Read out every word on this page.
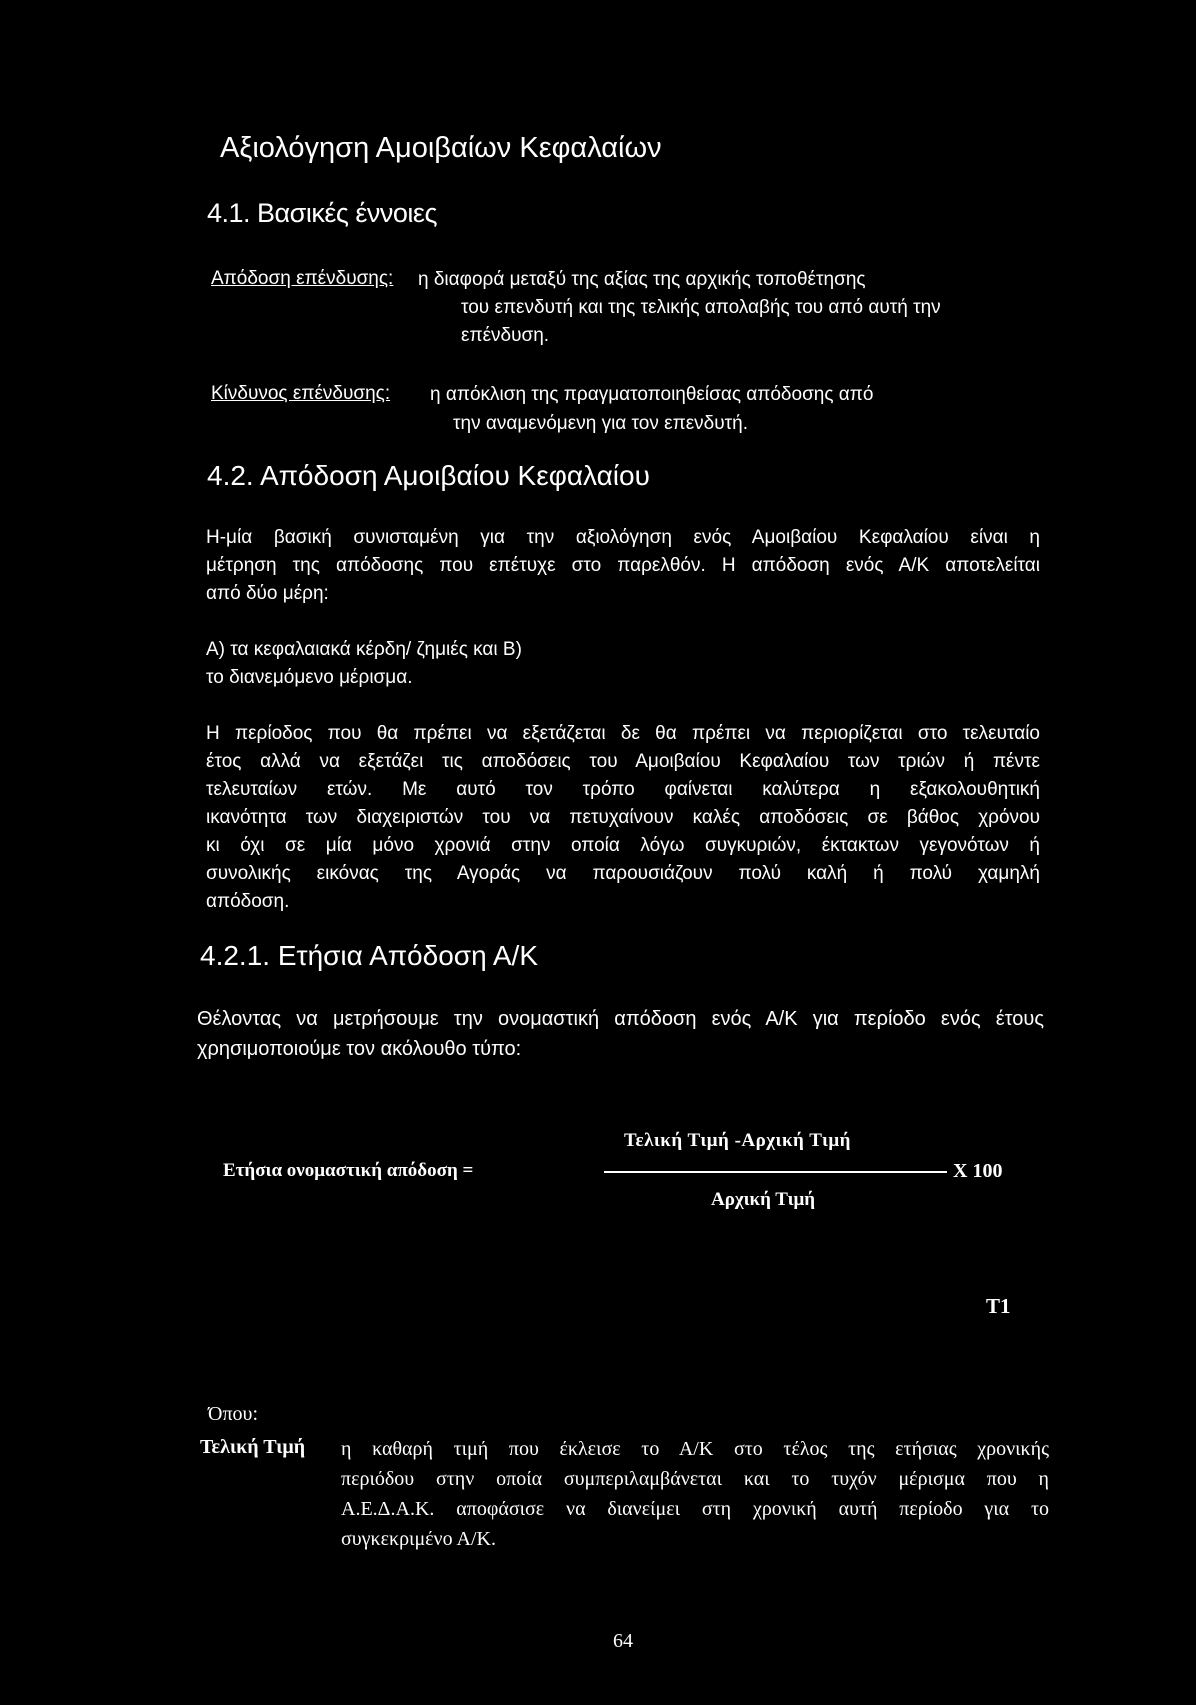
Αξιολόγηση Αμοιβαίων Κεφαλαίων
4.1. Βασικές έννοιες
Απόδοση επένδυσης: η διαφορά μεταξύ της αξίας της αρχικής τοποθέτησης
του επενδυτή και της τελικής απολαβής του από αυτή την
επένδυση.
Κίνδυνος επένδυσης: η απόκλιση της πραγματοποιηθείσας απόδοσης από
την αναμενόμενη για τον επενδυτή.
4.2. Απόδοση Αμοιβαίου Κεφαλαίου
Η-μία βασική συνισταμένη για την αξιολόγηση ενός Αμοιβαίου Κεφαλαίου είναι η
μέτρηση της απόδοσης που επέτυχε στο παρελθόν. Η απόδοση ενός Α/Κ αποτελείται
από δύο μέρη:
Α) τα κεφαλαιακά κέρδη/ ζημιές και Β)
το διανεμόμενο μέρισμα.
Η περίοδος που θα πρέπει να εξετάζεται δε θα πρέπει να περιορίζεται στο τελευταίο
έτος αλλά να εξετάζει τις αποδόσεις του Αμοιβαίου Κεφαλαίου των τριών ή πέντε
τελευταίων ετών. Με αυτό τον τρόπο φαίνεται καλύτερα η εξακολουθητική
ικανότητα των διαχειριστών του να πετυχαίνουν καλές αποδόσεις σε βάθος χρόνου
κι όχι σε μία μόνο χρονιά στην οποία λόγω συγκυριών, έκτακτων γεγονότων ή
συνολικής εικόνας της Αγοράς να παρουσιάζουν πολύ καλή ή πολύ χαμηλή
απόδοση.
4.2.1. Ετήσια Απόδοση Α/Κ
Θέλοντας να μετρήσουμε την ονομαστική απόδοση ενός Α/Κ για περίοδο ενός έτους
χρησιμοποιούμε τον ακόλουθο τύπο:
Τελική Τιμή -Αρχική Τιμή
Ετήσια ονομαστική απόδοση =	Χ 100
Αρχική Τιμή
Τ1
Όπου:
Τελική Τιμή η καθαρή τιμή που έκλεισε το Α/Κ στο τέλος της ετήσιας χρονικής
περιόδου στην οποία συμπεριλαμβάνεται και το τυχόν μέρισμα που η
Α.Ε.Δ.Α.Κ. αποφάσισε να διανείμει στη χρονική αυτή περίοδο για το
συγκεκριμένο Α/Κ.
64
